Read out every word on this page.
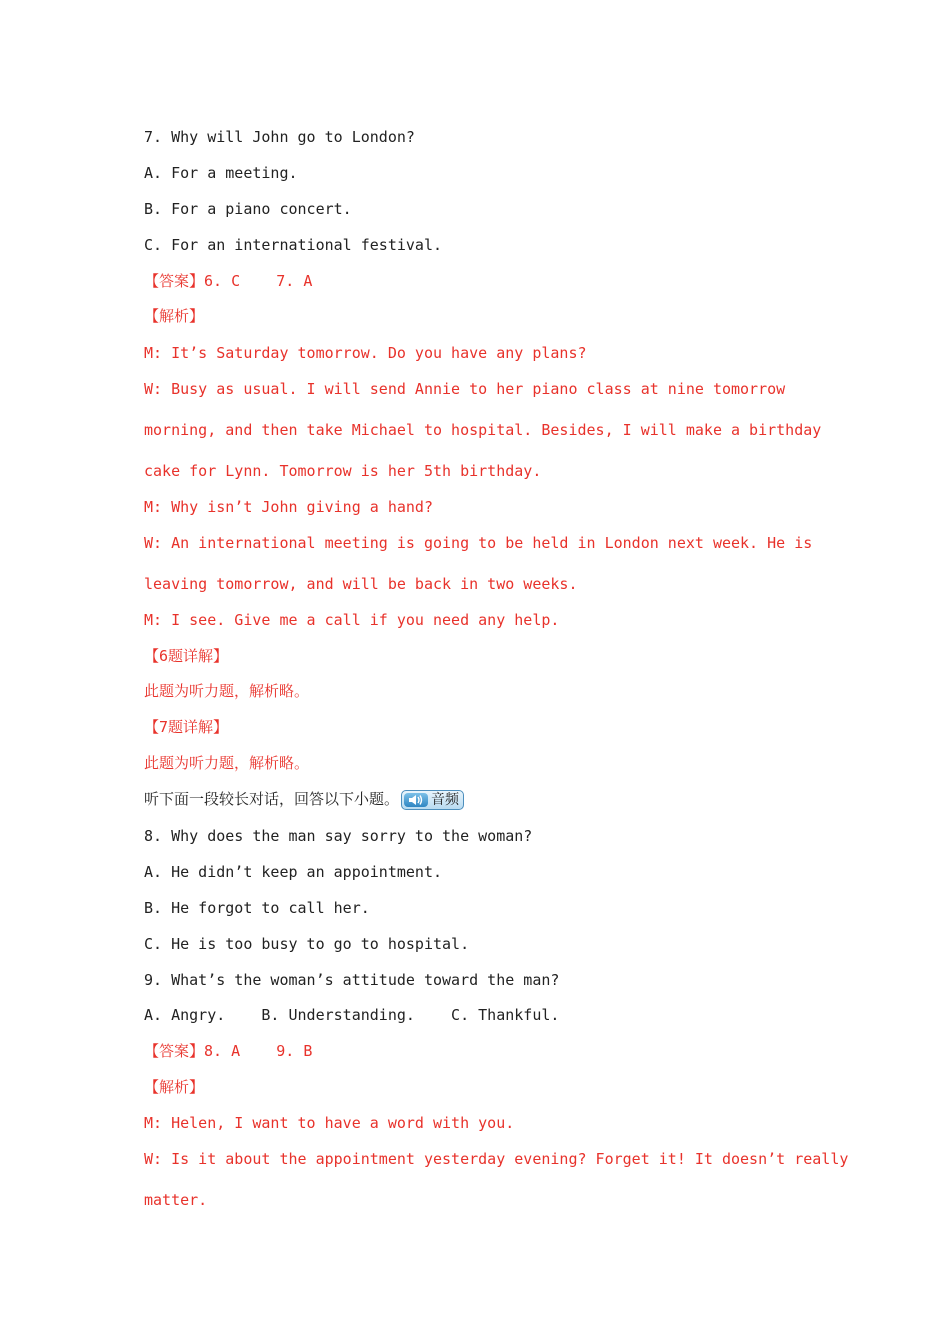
7. Why will John go to London?
A. For a meeting.
B. For a piano concert.
C. For an international festival.
【答案】6. C    7. A
【解析】
M: It’s Saturday tomorrow. Do you have any plans?
W: Busy as usual. I will send Annie to her piano class at nine tomorrow
morning, and then take Michael to hospital. Besides, I will make a birthday
cake for Lynn. Tomorrow is her 5th birthday.
M: Why isn’t John giving a hand?
W: An international meeting is going to be held in London next week. He is
leaving tomorrow, and will be back in two weeks.
M: I see. Give me a call if you need any help.
【6题详解】
此题为听力题，解析略。
【7题详解】
此题为听力题，解析略。
听下面一段较长对话，回答以下小题。 音频
8. Why does the man say sorry to the woman?
A. He didn’t keep an appointment.
B. He forgot to call her.
C. He is too busy to go to hospital.
9. What’s the woman’s attitude toward the man?
A. Angry.    B. Understanding.    C. Thankful.
【答案】8. A    9. B
【解析】
M: Helen, I want to have a word with you.
W: Is it about the appointment yesterday evening? Forget it! It doesn’t really
matter.
